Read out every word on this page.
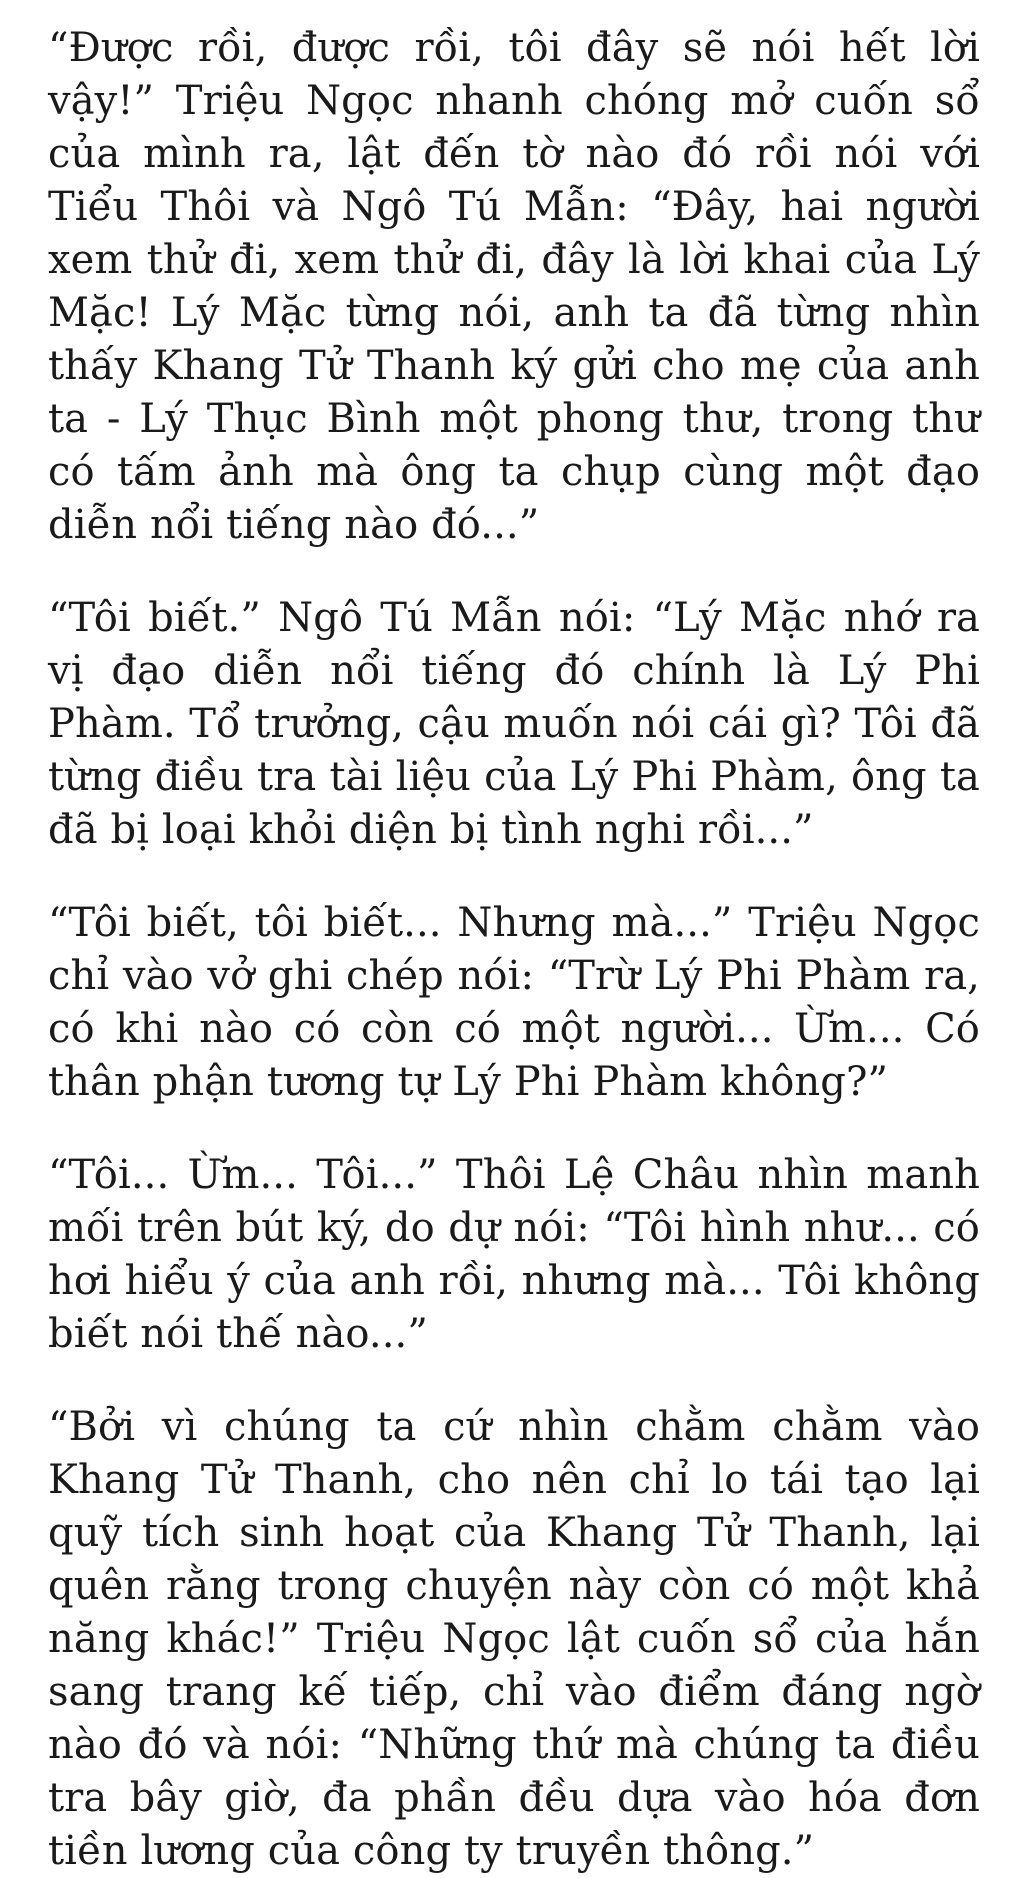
“Được rồi, được rồi, tôi đây sẽ nói hết lời vậy!” Triệu Ngọc nhanh chóng mở cuốn sổ của mình ra, lật đến tờ nào đó rồi nói với Tiểu Thôi và Ngô Tú Mẫn: “Đây, hai người xem thử đi, xem thử đi, đây là lời khai của Lý Mặc! Lý Mặc từng nói, anh ta đã từng nhìn thấy Khang Tử Thanh ký gửi cho mẹ của anh ta - Lý Thục Bình một phong thư, trong thư có tấm ảnh mà ông ta chụp cùng một đạo diễn nổi tiếng nào đó...”

“Tôi biết.” Ngô Tú Mẫn nói: “Lý Mặc nhớ ra vị đạo diễn nổi tiếng đó chính là Lý Phi Phàm. Tổ trưởng, cậu muốn nói cái gì? Tôi đã từng điều tra tài liệu của Lý Phi Phàm, ông ta đã bị loại khỏi diện bị tình nghi rồi...”

“Tôi biết, tôi biết... Nhưng mà...” Triệu Ngọc chỉ vào vở ghi chép nói: “Trừ Lý Phi Phàm ra, có khi nào có còn có một người... Ừm... Có thân phận tương tự Lý Phi Phàm không?”

“Tôi... Ừm... Tôi...” Thôi Lệ Châu nhìn manh mối trên bút ký, do dự nói: “Tôi hình như... có hơi hiểu ý của anh rồi, nhưng mà... Tôi không biết nói thế nào...”

“Bởi vì chúng ta cứ nhìn chằm chằm vào Khang Tử Thanh, cho nên chỉ lo tái tạo lại quỹ tích sinh hoạt của Khang Tử Thanh, lại quên rằng trong chuyện này còn có một khả năng khác!” Triệu Ngọc lật cuốn sổ của hắn sang trang kế tiếp, chỉ vào điểm đáng ngờ nào đó và nói: “Những thứ mà chúng ta điều tra bây giờ, đa phần đều dựa vào hóa đơn tiền lương của công ty truyền thông.”
